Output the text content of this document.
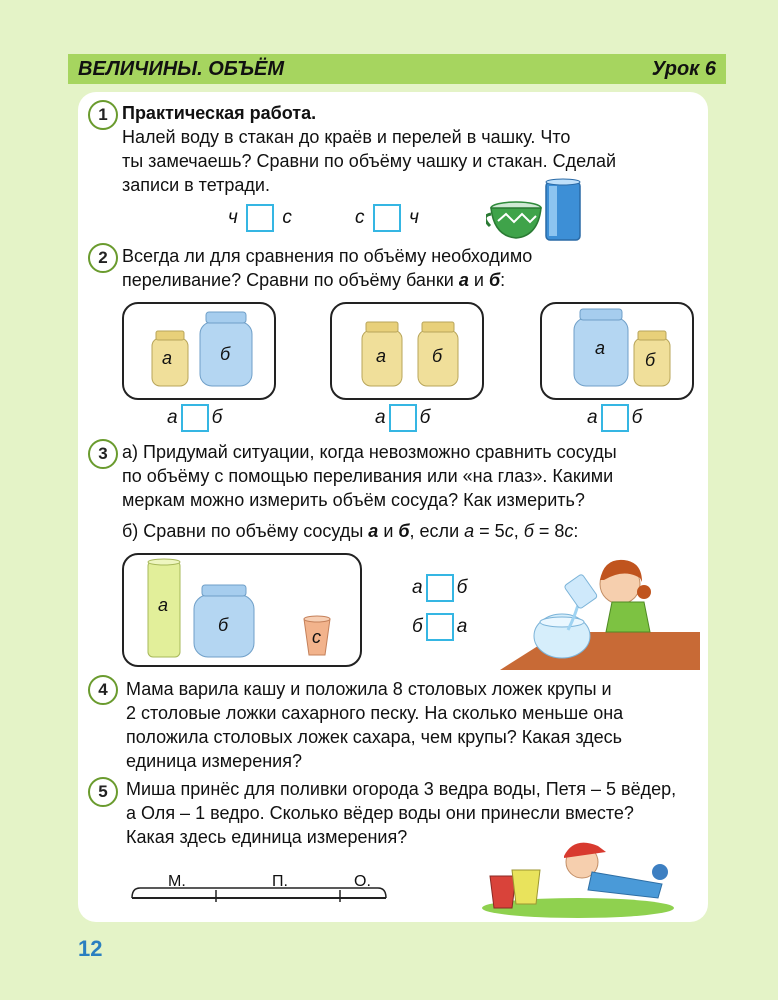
ВЕЛИЧИНЫ. ОБЪЁМ	Урок 6
1 Практическая работа.
Налей воду в стакан до краёв и перелей в чашку. Что
ты замечаешь? Сравни по объёму чашку и стакан. Сделай
записи в тетради.
ч с	с ч
2 Всегда ли для сравнения по объёму необходимо
переливание? Сравни по объёму банки а и б:
а	б	а	б	а
б
а б	а б	а б
3 а) Придумай ситуации, когда невозможно сравнить сосуды
по объёму с помощью переливания или «на глаз». Какими
меркам можно измерить объём сосуда? Как измерить?
б) Сравни по объёму сосуды а и б, если а = 5с, б = 8с:
а
б
с
а б
б а
4	Мама варила кашу и положила 8 столовых ложек крупы и
2 столовые ложки сахарного песку. На сколько меньше она
положила столовых ложек сахара, чем крупы? Какая здесь
единица измерения?
5	Миша принёс для поливки огорода 3 ведра воды, Петя – 5 вёдер,
а Оля – 1 ведро. Сколько вёдер воды они принесли вместе?
Какая здесь единица измерения?
М.	П.	О.
12
